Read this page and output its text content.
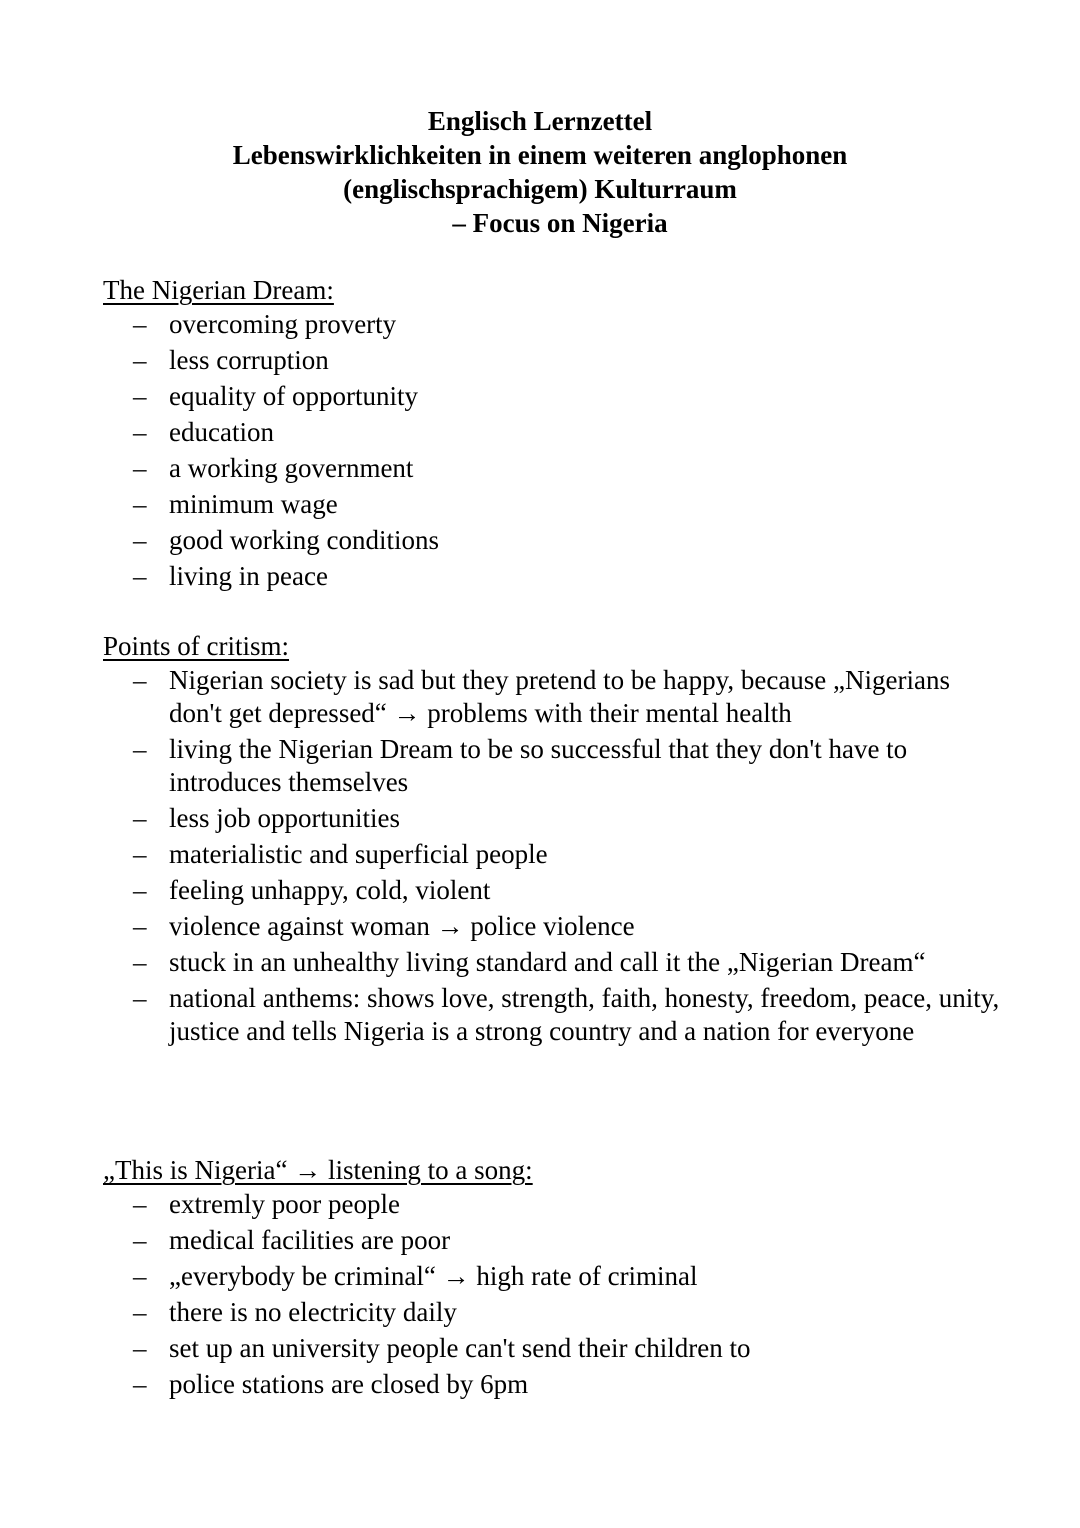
Englisch Lernzettel
Lebenswirklichkeiten in einem weiteren anglophonen
(englischsprachigem) Kulturraum
– Focus on Nigeria
The Nigerian Dream:
– overcoming proverty
– less corruption
– equality of opportunity
– education
– a working government
– minimum wage
– good working conditions
– living in peace
Points of critism:
– Nigerian society is sad but they pretend to be happy, because „Nigerians don't get depressed“ → problems with their mental health
– living the Nigerian Dream to be so successful that they don't have to introduces themselves
– less job opportunities
– materialistic and superficial people
– feeling unhappy, cold, violent
– violence against woman → police violence
– stuck in an unhealthy living standard and call it the „Nigerian Dream“
– national anthems: shows love, strength, faith, honesty, freedom, peace, unity, justice and tells Nigeria is a strong country and a nation for everyone
„This is Nigeria“ → listening to a song:
– extremly poor people
– medical facilities are poor
– „everybody be criminal“ → high rate of criminal
– there is no electricity daily
– set up an university people can't send their children to
– police stations are closed by 6pm
